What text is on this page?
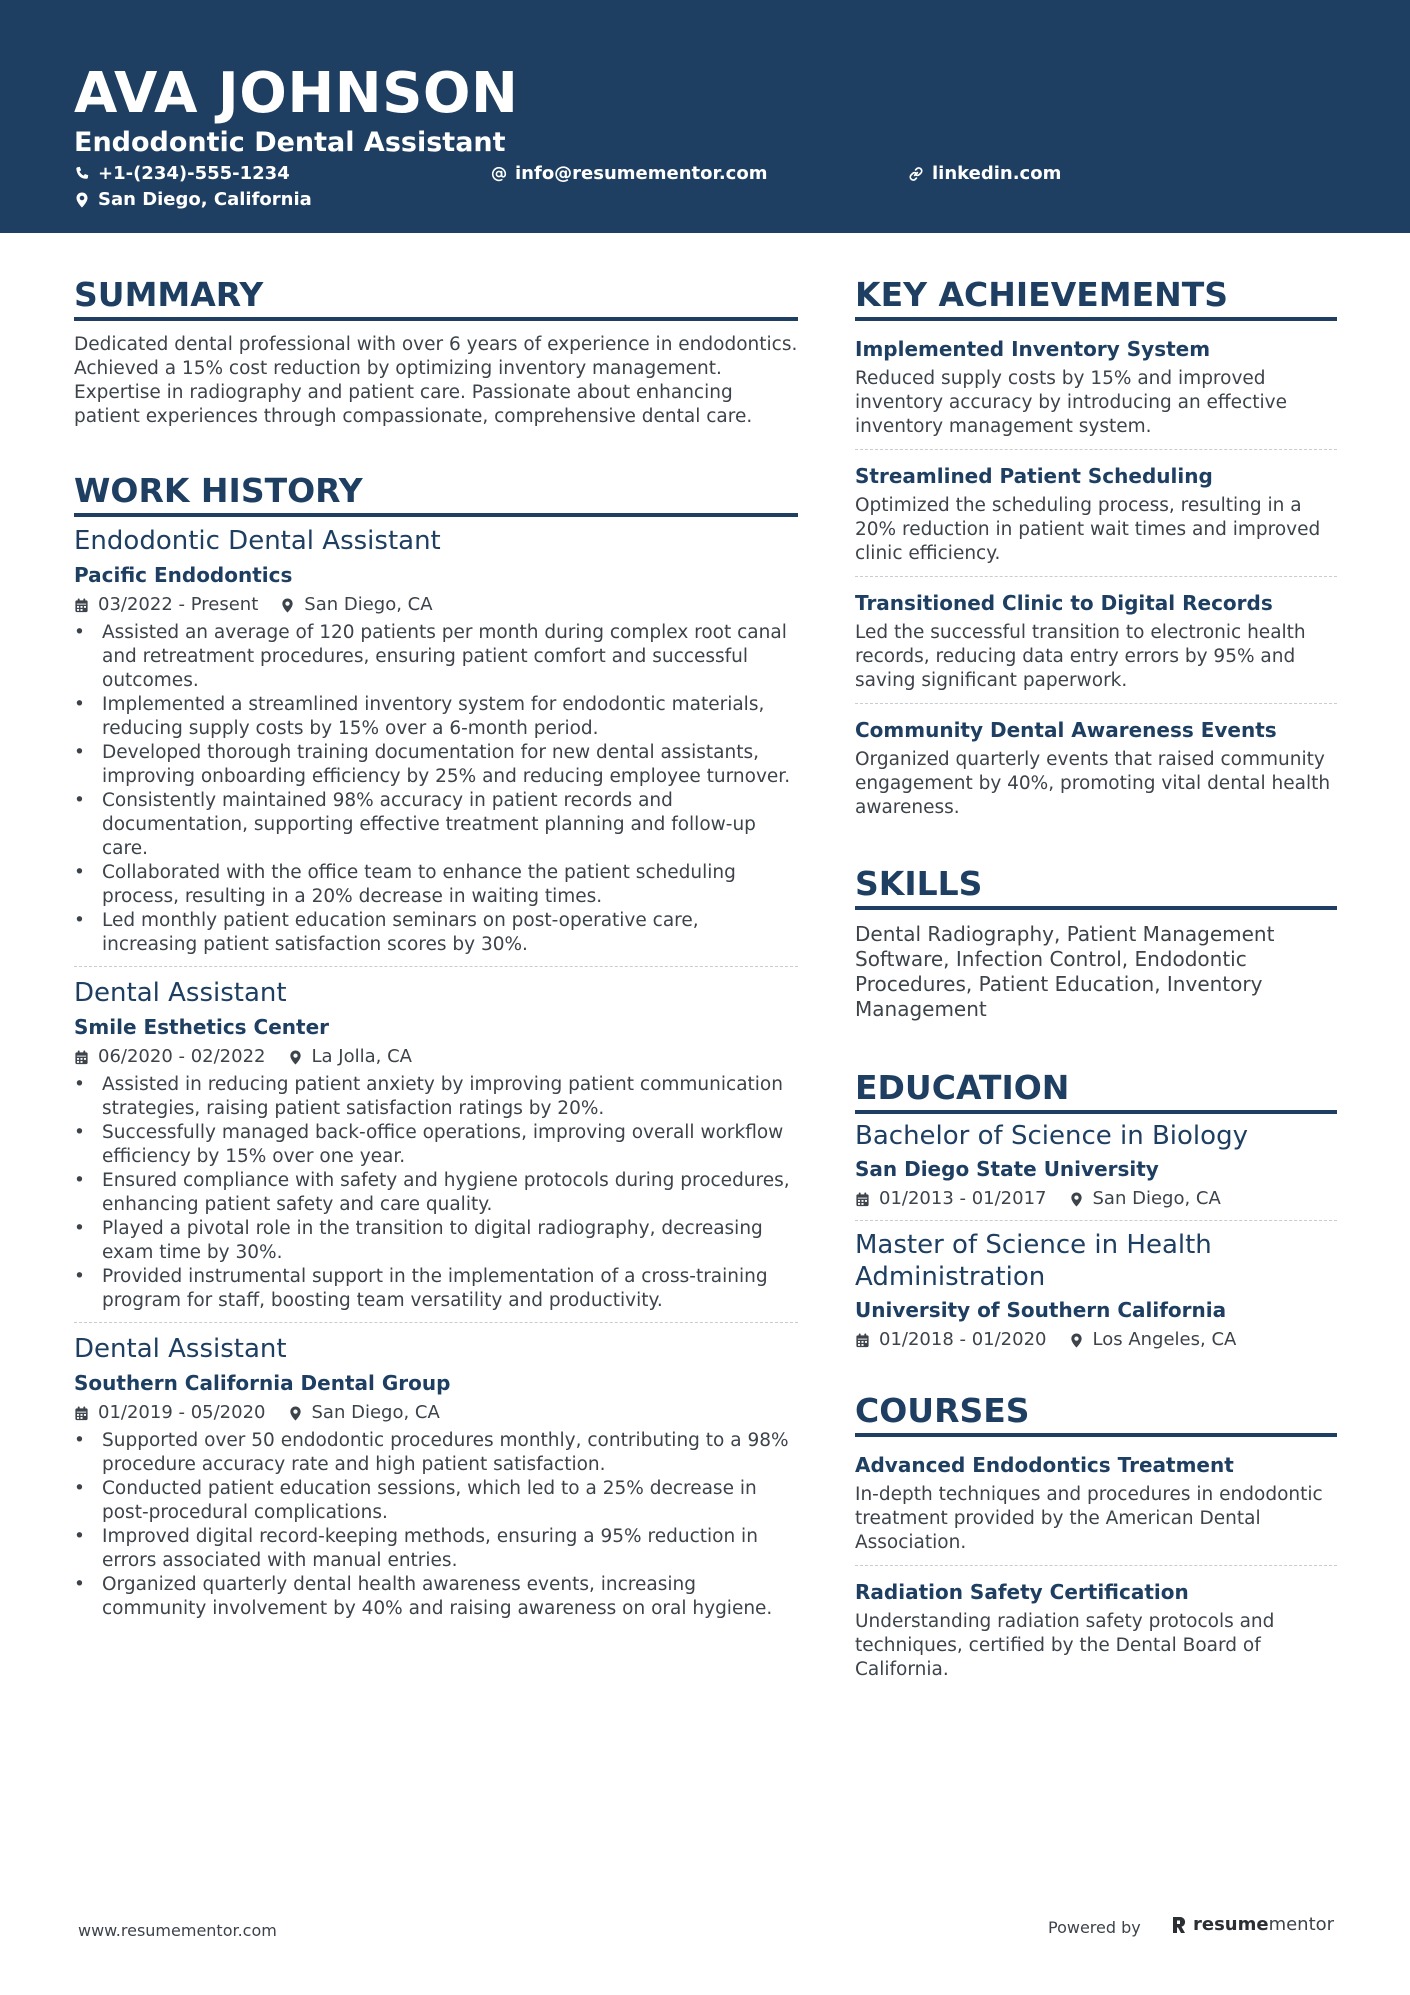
AVA JOHNSON
Endodontic Dental Assistant
+1-(234)-555-1234	info@resumementor.com	linkedin.com
San Diego, California
SUMMARY

Dedicated dental professional with over 6 years of experience in endodontics. Achieved a 15% cost reduction by optimizing inventory management. Expertise in radiography and patient care. Passionate about enhancing patient experiences through compassionate, comprehensive dental care.

WORK HISTORY
Endodontic Dental Assistant
Pacific Endodontics
03/2022 - Present	San Diego, CA
• Assisted an average of 120 patients per month during complex root canal and retreatment procedures, ensuring patient comfort and successful outcomes.
• Implemented a streamlined inventory system for endodontic materials, reducing supply costs by 15% over a 6-month period.
• Developed thorough training documentation for new dental assistants, improving onboarding efficiency by 25% and reducing employee turnover.
• Consistently maintained 98% accuracy in patient records and documentation, supporting effective treatment planning and follow-up care.
• Collaborated with the office team to enhance the patient scheduling process, resulting in a 20% decrease in waiting times.
• Led monthly patient education seminars on post-operative care, increasing patient satisfaction scores by 30%.
Dental Assistant
Smile Esthetics Center
06/2020 - 02/2022	La Jolla, CA
• Assisted in reducing patient anxiety by improving patient communication strategies, raising patient satisfaction ratings by 20%.
• Successfully managed back-office operations, improving overall workflow efficiency by 15% over one year.
• Ensured compliance with safety and hygiene protocols during procedures, enhancing patient safety and care quality.
• Played a pivotal role in the transition to digital radiography, decreasing exam time by 30%.
• Provided instrumental support in the implementation of a cross-training program for staff, boosting team versatility and productivity.
Dental Assistant
Southern California Dental Group
01/2019 - 05/2020	San Diego, CA
• Supported over 50 endodontic procedures monthly, contributing to a 98% procedure accuracy rate and high patient satisfaction.
• Conducted patient education sessions, which led to a 25% decrease in post-procedural complications.
• Improved digital record-keeping methods, ensuring a 95% reduction in errors associated with manual entries.
• Organized quarterly dental health awareness events, increasing community involvement by 40% and raising awareness on oral hygiene.
KEY ACHIEVEMENTS
Implemented Inventory System

Reduced supply costs by 15% and improved inventory accuracy by introducing an effective inventory management system.

Streamlined Patient Scheduling

Optimized the scheduling process, resulting in a 20% reduction in patient wait times and improved clinic efficiency.

Transitioned Clinic to Digital Records

Led the successful transition to electronic health records, reducing data entry errors by 95% and saving significant paperwork.

Community Dental Awareness Events

Organized quarterly events that raised community engagement by 40%, promoting vital dental health awareness.

SKILLS

Dental Radiography, Patient Management Software, Infection Control, Endodontic Procedures, Patient Education, Inventory Management

EDUCATION
Bachelor of Science in Biology
San Diego State University
01/2013 - 01/2017	San Diego, CA
Master of Science in Health Administration
University of Southern California
01/2018 - 01/2020	Los Angeles, CA
COURSES
Advanced Endodontics Treatment

In-depth techniques and procedures in endodontic treatment provided by the American Dental Association.

Radiation Safety Certification

Understanding radiation safety protocols and techniques, certified by the Dental Board of California.

www.resumementor.com	Powered by	resume mentor
